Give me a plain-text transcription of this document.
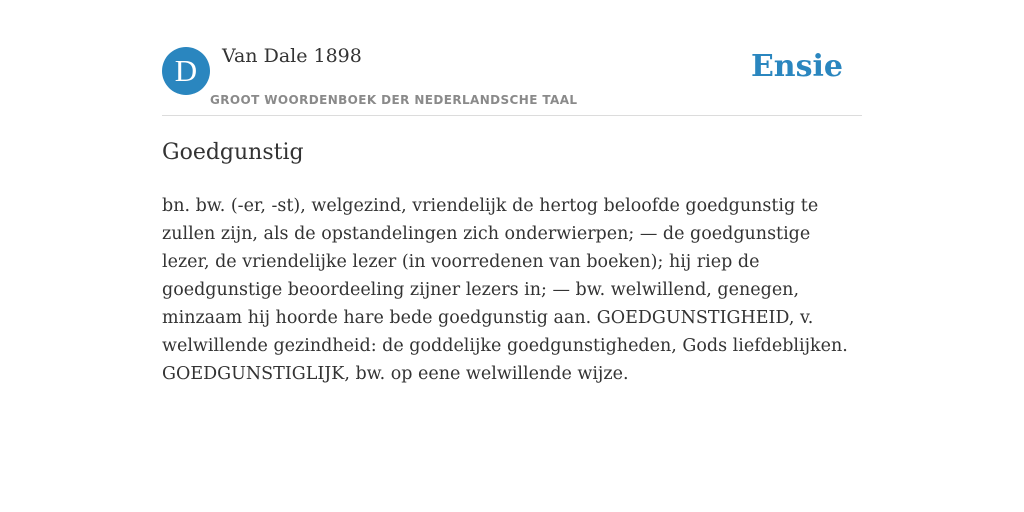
D	Van Dale 1898
GROOT WOORDENBOEK DER NEDERLANDSCHE TAAL
Ensie
Goedgunstig

bn. bw. (-er, -st), welgezind, vriendelijk de hertog beloofde goedgunstig te zullen zijn, als de opstandelingen zich onderwierpen; — de goedgunstige lezer, de vriendelijke lezer (in voorredenen van boeken); hij riep de goedgunstige beoordeeling zijner lezers in; — bw. welwillend, genegen, minzaam hij hoorde hare bede goedgunstig aan. GOEDGUNSTIGHEID, v. welwillende gezindheid: de goddelijke goedgunstigheden, Gods liefdeblijken. GOEDGUNSTIGLIJK, bw. op eene welwillende wijze.
